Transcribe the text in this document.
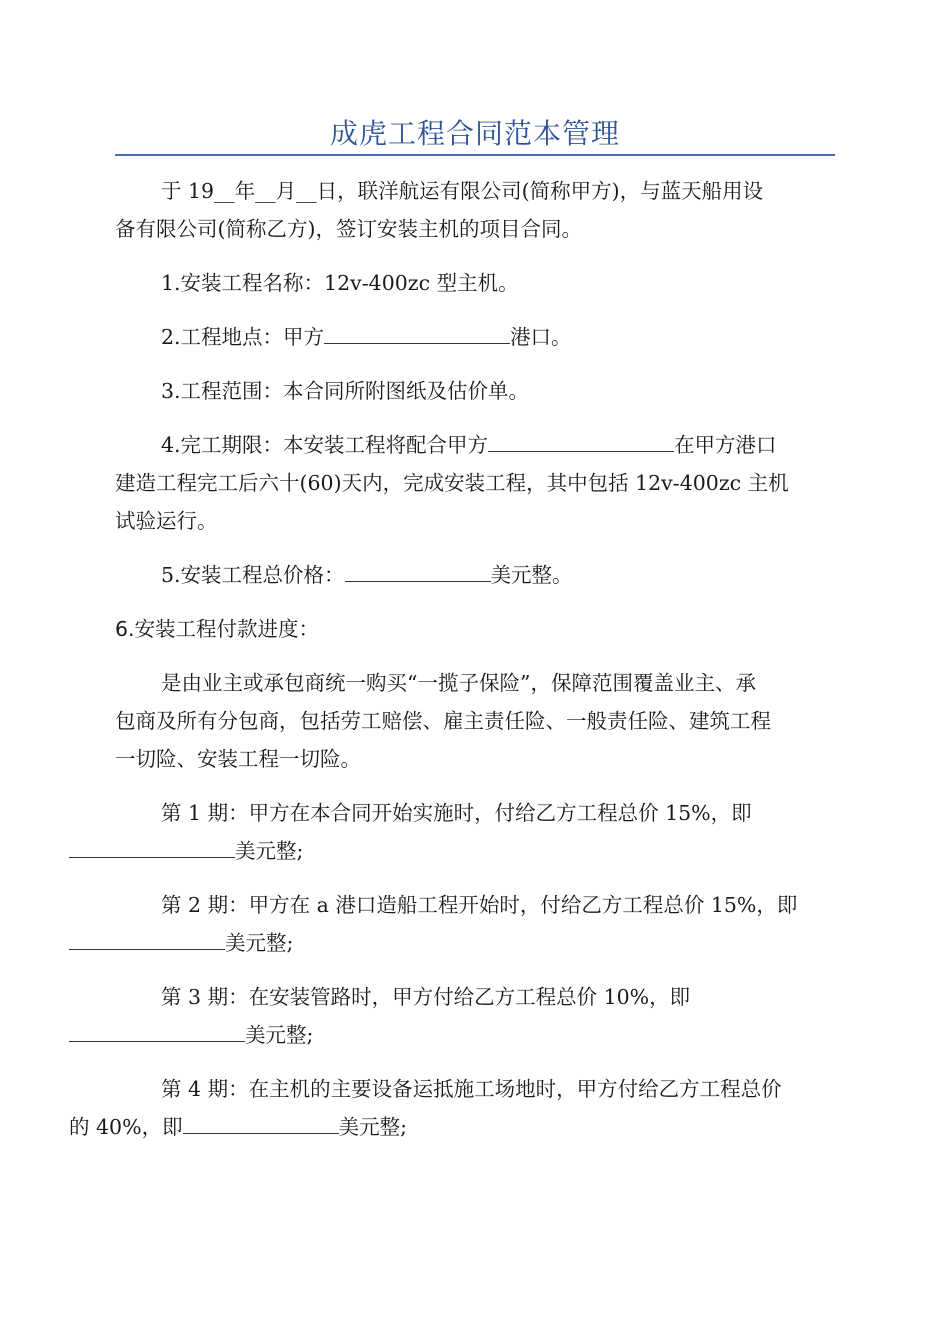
成虎工程合同范本管理

于 19__年__月__日，联洋航运有限公司(简称甲方)，与蓝天船用设
备有限公司(简称乙方)，签订安装主机的项目合同。

1.安装工程名称：12v-400zc 型主机。

2.工程地点：甲方	港口。

3.工程范围：本合同所附图纸及估价单。

4.完工期限：本安装工程将配合甲方	在甲方港口
建造工程完工后六十(60)天内，完成安装工程，其中包括 12v-400zc 主机
试验运行。

5.安装工程总价格：	美元整。

6.安装工程付款进度：

是由业主或承包商统一购买“一揽子保险”，保障范围覆盖业主、承
包商及所有分包商，包括劳工赔偿、雇主责任险、一般责任险、建筑工程
一切险、安装工程一切险。

第 1 期：甲方在本合同开始实施时，付给乙方工程总价 15%，即
美元整;

第 2 期：甲方在 a 港口造船工程开始时，付给乙方工程总价 15%，即
美元整;

第 3 期：在安装管路时，甲方付给乙方工程总价 10%，即
美元整;

第 4 期：在主机的主要设备运抵施工场地时，甲方付给乙方工程总价
的 40%，即	美元整;
